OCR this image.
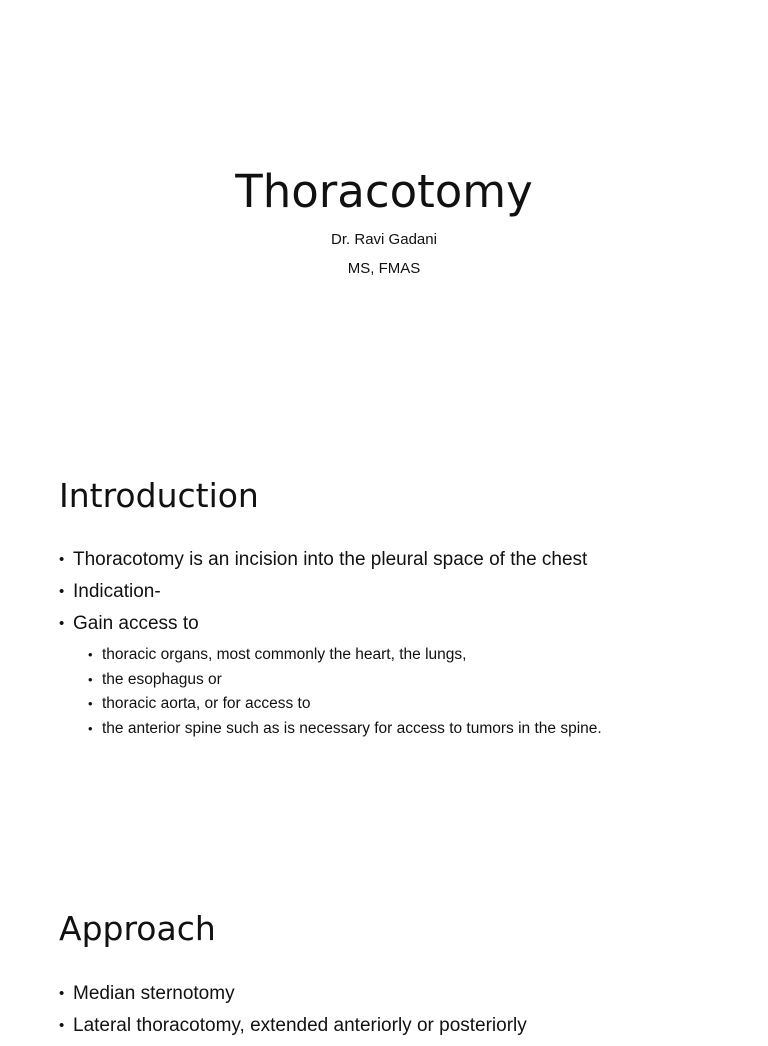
Thoracotomy
Dr. Ravi Gadani
MS, FMAS
Introduction
• Thoracotomy is an incision into the pleural space of the chest
• Indication-
• Gain access to
• thoracic organs, most commonly the heart, the lungs,
• the esophagus or
• thoracic aorta, or for access to
• the anterior spine such as is necessary for access to tumors in the spine.
Approach
• Median sternotomy
• Lateral thoracotomy, extended anteriorly or posteriorly
